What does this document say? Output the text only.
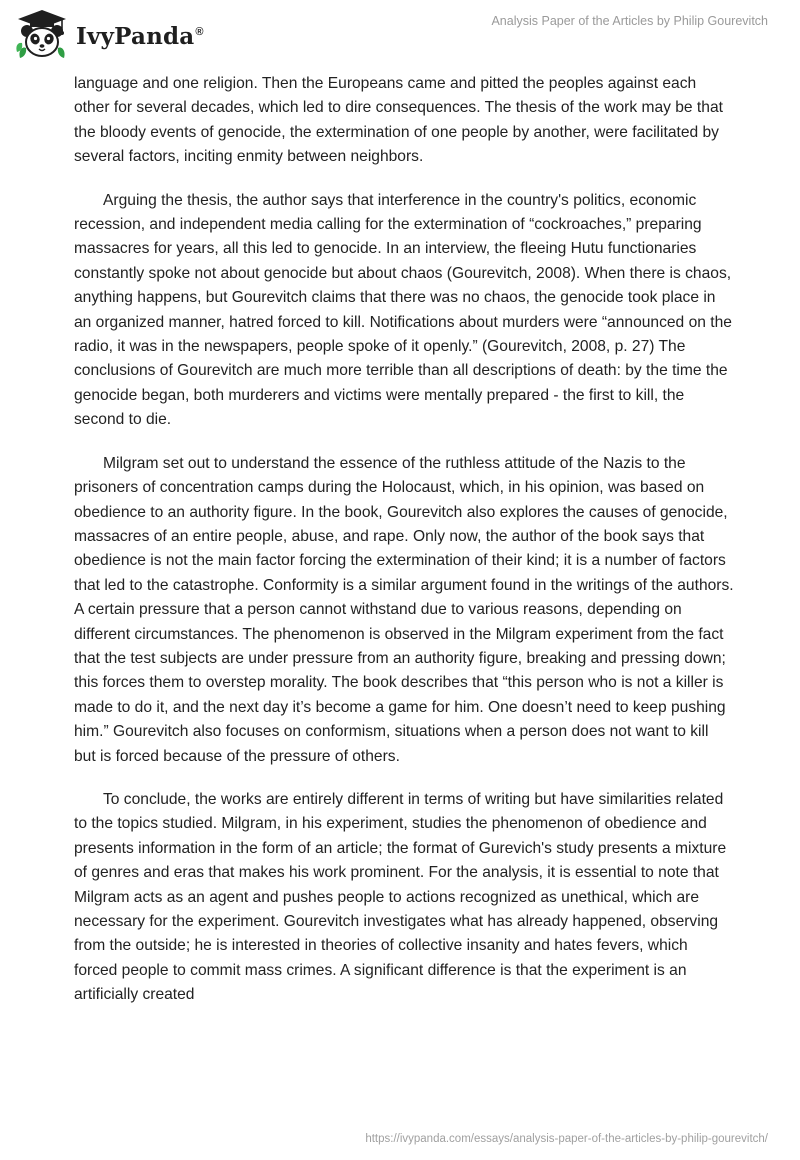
IvyPanda®
Analysis Paper of the Articles by Philip Gourevitch

language and one religion. Then the Europeans came and pitted the peoples against each other for several decades, which led to dire consequences. The thesis of the work may be that the bloody events of genocide, the extermination of one people by another, were facilitated by several factors, inciting enmity between neighbors.

Arguing the thesis, the author says that interference in the country's politics, economic recession, and independent media calling for the extermination of “cockroaches,” preparing massacres for years, all this led to genocide. In an interview, the fleeing Hutu functionaries constantly spoke not about genocide but about chaos (Gourevitch, 2008). When there is chaos, anything happens, but Gourevitch claims that there was no chaos, the genocide took place in an organized manner, hatred forced to kill. Notifications about murders were “announced on the radio, it was in the newspapers, people spoke of it openly.” (Gourevitch, 2008, p. 27) The conclusions of Gourevitch are much more terrible than all descriptions of death: by the time the genocide began, both murderers and victims were mentally prepared - the first to kill, the second to die.

Milgram set out to understand the essence of the ruthless attitude of the Nazis to the prisoners of concentration camps during the Holocaust, which, in his opinion, was based on obedience to an authority figure. In the book, Gourevitch also explores the causes of genocide, massacres of an entire people, abuse, and rape. Only now, the author of the book says that obedience is not the main factor forcing the extermination of their kind; it is a number of factors that led to the catastrophe. Conformity is a similar argument found in the writings of the authors. A certain pressure that a person cannot withstand due to various reasons, depending on different circumstances. The phenomenon is observed in the Milgram experiment from the fact that the test subjects are under pressure from an authority figure, breaking and pressing down; this forces them to overstep morality. The book describes that “this person who is not a killer is made to do it, and the next day it’s become a game for him. One doesn’t need to keep pushing him.” Gourevitch also focuses on conformism, situations when a person does not want to kill but is forced because of the pressure of others.

To conclude, the works are entirely different in terms of writing but have similarities related to the topics studied. Milgram, in his experiment, studies the phenomenon of obedience and presents information in the form of an article; the format of Gurevich's study presents a mixture of genres and eras that makes his work prominent. For the analysis, it is essential to note that Milgram acts as an agent and pushes people to actions recognized as unethical, which are necessary for the experiment. Gourevitch investigates what has already happened, observing from the outside; he is interested in theories of collective insanity and hates fevers, which forced people to commit mass crimes. A significant difference is that the experiment is an artificially created

https://ivypanda.com/essays/analysis-paper-of-the-articles-by-philip-gourevitch/
